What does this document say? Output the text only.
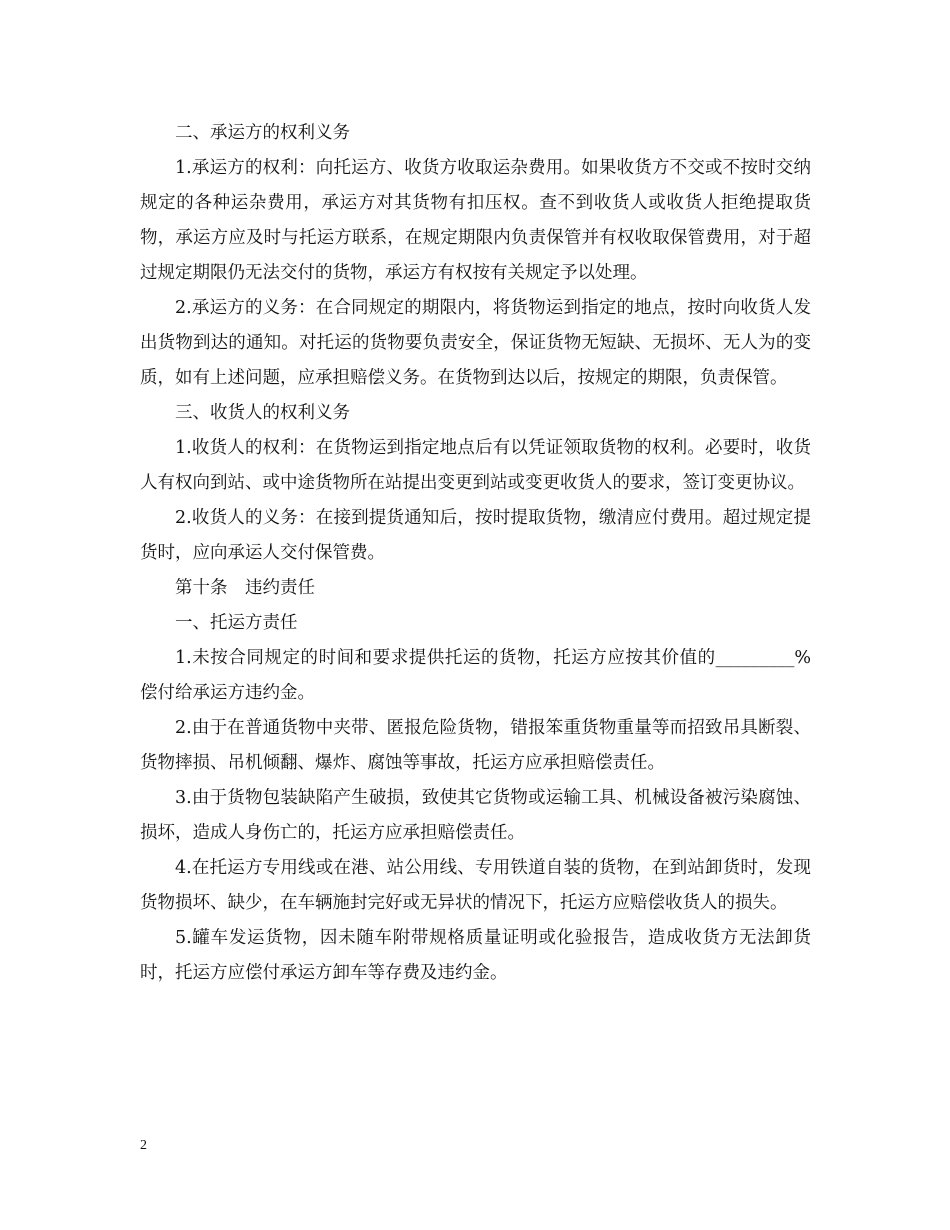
二、承运方的权利义务

1.承运方的权利：向托运方、收货方收取运杂费用。如果收货方不交或不按时交纳规定的各种运杂费用，承运方对其货物有扣压权。查不到收货人或收货人拒绝提取货物，承运方应及时与托运方联系，在规定期限内负责保管并有权收取保管费用，对于超过规定期限仍无法交付的货物，承运方有权按有关规定予以处理。

2.承运方的义务：在合同规定的期限内，将货物运到指定的地点，按时向收货人发出货物到达的通知。对托运的货物要负责安全，保证货物无短缺、无损坏、无人为的变质，如有上述问题，应承担赔偿义务。在货物到达以后，按规定的期限，负责保管。

三、收货人的权利义务

1.收货人的权利：在货物运到指定地点后有以凭证领取货物的权利。必要时，收货人有权向到站、或中途货物所在站提出变更到站或变更收货人的要求，签订变更协议。

2.收货人的义务：在接到提货通知后，按时提取货物，缴清应付费用。超过规定提货时，应向承运人交付保管费。

第十条　违约责任

一、托运方责任

1.未按合同规定的时间和要求提供托运的货物，托运方应按其价值的_________%偿付给承运方违约金。

2.由于在普通货物中夹带、匿报危险货物，错报笨重货物重量等而招致吊具断裂、货物摔损、吊机倾翻、爆炸、腐蚀等事故，托运方应承担赔偿责任。

3.由于货物包装缺陷产生破损，致使其它货物或运输工具、机械设备被污染腐蚀、损坏，造成人身伤亡的，托运方应承担赔偿责任。

4.在托运方专用线或在港、站公用线、专用铁道自装的货物，在到站卸货时，发现货物损坏、缺少，在车辆施封完好或无异状的情况下，托运方应赔偿收货人的损失。

5.罐车发运货物，因未随车附带规格质量证明或化验报告，造成收货方无法卸货时，托运方应偿付承运方卸车等存费及违约金。

2
